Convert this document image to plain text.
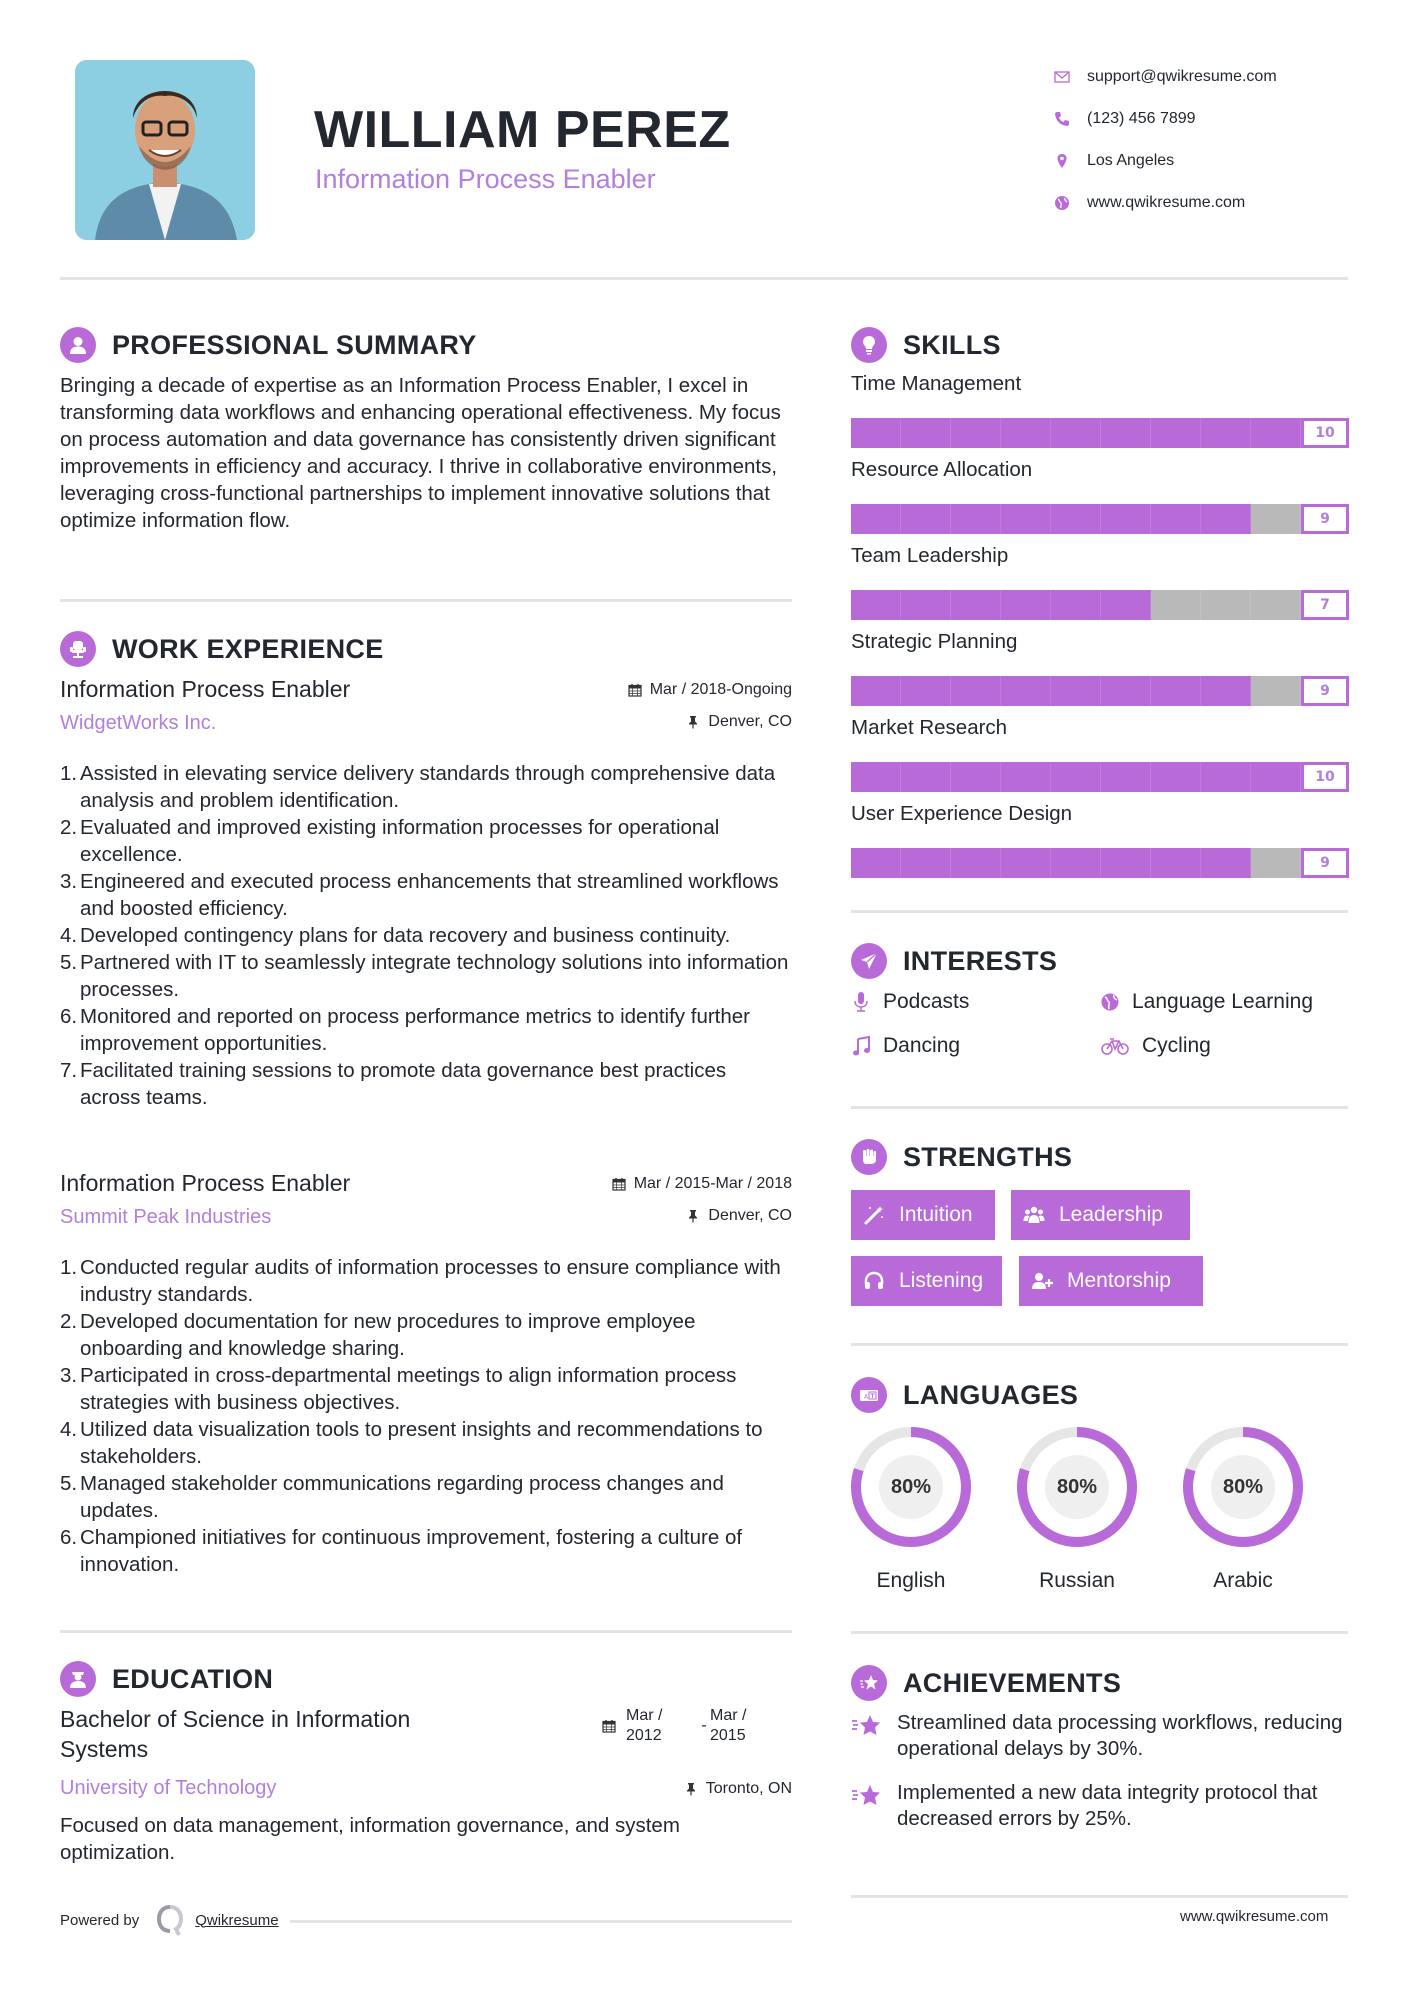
WILLIAM PEREZ
Information Process Enabler
support@qwikresume.com
(123) 456 7899
Los Angeles
www.qwikresume.com
PROFESSIONAL SUMMARY
Bringing a decade of expertise as an Information Process Enabler, I excel in transforming data workflows and enhancing operational effectiveness. My focus on process automation and data governance has consistently driven significant improvements in efficiency and accuracy. I thrive in collaborative environments, leveraging cross-functional partnerships to implement innovative solutions that optimize information flow.
WORK EXPERIENCE
Information Process Enabler	Mar / 2018-Ongoing
WidgetWorks Inc.	Denver, CO
1. Assisted in elevating service delivery standards through comprehensive data analysis and problem identification.
2. Evaluated and improved existing information processes for operational excellence.
3. Engineered and executed process enhancements that streamlined workflows and boosted efficiency.
4. Developed contingency plans for data recovery and business continuity.
5. Partnered with IT to seamlessly integrate technology solutions into information processes.
6. Monitored and reported on process performance metrics to identify further improvement opportunities.
7. Facilitated training sessions to promote data governance best practices across teams.
Information Process Enabler	Mar / 2015-Mar / 2018
Summit Peak Industries	Denver, CO
1. Conducted regular audits of information processes to ensure compliance with industry standards.
2. Developed documentation for new procedures to improve employee onboarding and knowledge sharing.
3. Participated in cross-departmental meetings to align information process strategies with business objectives.
4. Utilized data visualization tools to present insights and recommendations to stakeholders.
5. Managed stakeholder communications regarding process changes and updates.
6. Championed initiatives for continuous improvement, fostering a culture of innovation.
EDUCATION
Bachelor of Science in Information
Systems
Mar /
2012
-
Mar /
2015
University of Technology	Toronto, ON
Focused on data management, information governance, and system optimization.
Powered by	Qwikresume
SKILLS
Time Management
10
Resource Allocation
9
Team Leadership
7
Strategic Planning
9
Market Research
10
User Experience Design
9
INTERESTS
Podcasts	Language Learning
Dancing	Cycling
STRENGTHS
Intuition	Leadership
Listening	Mentorship
A LANGUAGES
80%
English
80%
Russian
80%
Arabic
ACHIEVEMENTS
Streamlined data processing workflows, reducing operational delays by 30%.
Implemented a new data integrity protocol that decreased errors by 25%.
www.qwikresume.com
